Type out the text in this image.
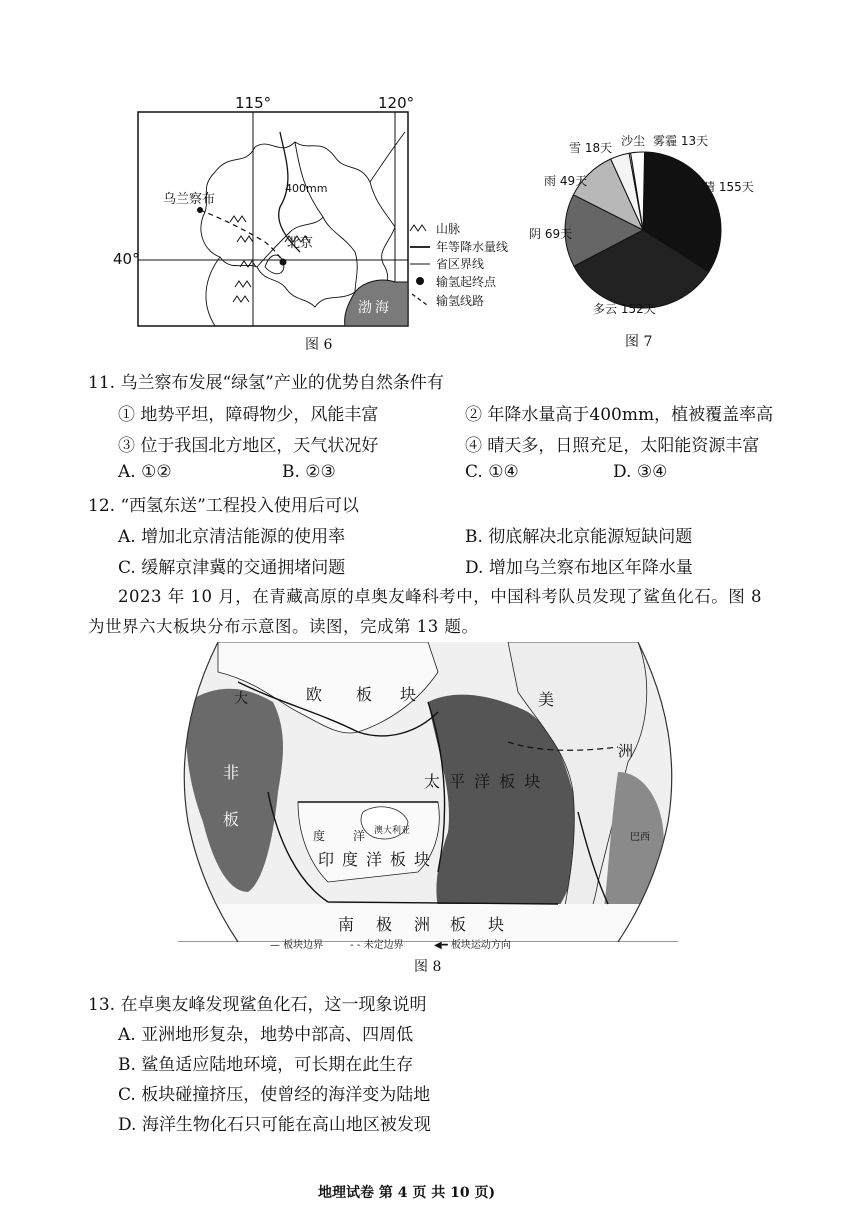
115°	120°
40°
乌兰察布
400mm
北京
渤海
山脉
年等降水量线
省区界线
输氢起终点
输氢线路
图 6
雪 18天 沙尘 雾霾 13天
雨 49天	晴 155天
阴 69天
多云 152天
图 7
11. 乌兰察布发展“绿氢”产业的优势自然条件有
① 地势平坦，障碍物少，风能丰富	② 年降水量高于400mm，植被覆盖率高
③ 位于我国北方地区，天气状况好	④ 晴天多，日照充足，太阳能资源丰富
A. ①②	B. ②③	C. ①④	D. ③④
12. “西氢东送”工程投入使用后可以
A. 增加北京清洁能源的使用率	B. 彻底解决北京能源短缺问题
C. 缓解京津冀的交通拥堵问题	D. 增加乌兰察布地区年降水量
2023 年 10 月，在青藏高原的卓奥友峰科考中，中国科考队员发现了鲨鱼化石。图 8
为世界六大板块分布示意图。读图，完成第 13 题。
大	欧 板 块	美
洲
非
板
太 平 洋 板 块
度 洋 澳大利亚
巴西
印 度 洋 板 块
南 极 洲 板 块
— 板块边界	- - 未定边界	◀━ 板块运动方向
图 8
13. 在卓奥友峰发现鲨鱼化石，这一现象说明
A. 亚洲地形复杂，地势中部高、四周低
B. 鲨鱼适应陆地环境，可长期在此生存
C. 板块碰撞挤压，使曾经的海洋变为陆地
D. 海洋生物化石只可能在高山地区被发现
地理试卷 第 4 页 共 10 页)
